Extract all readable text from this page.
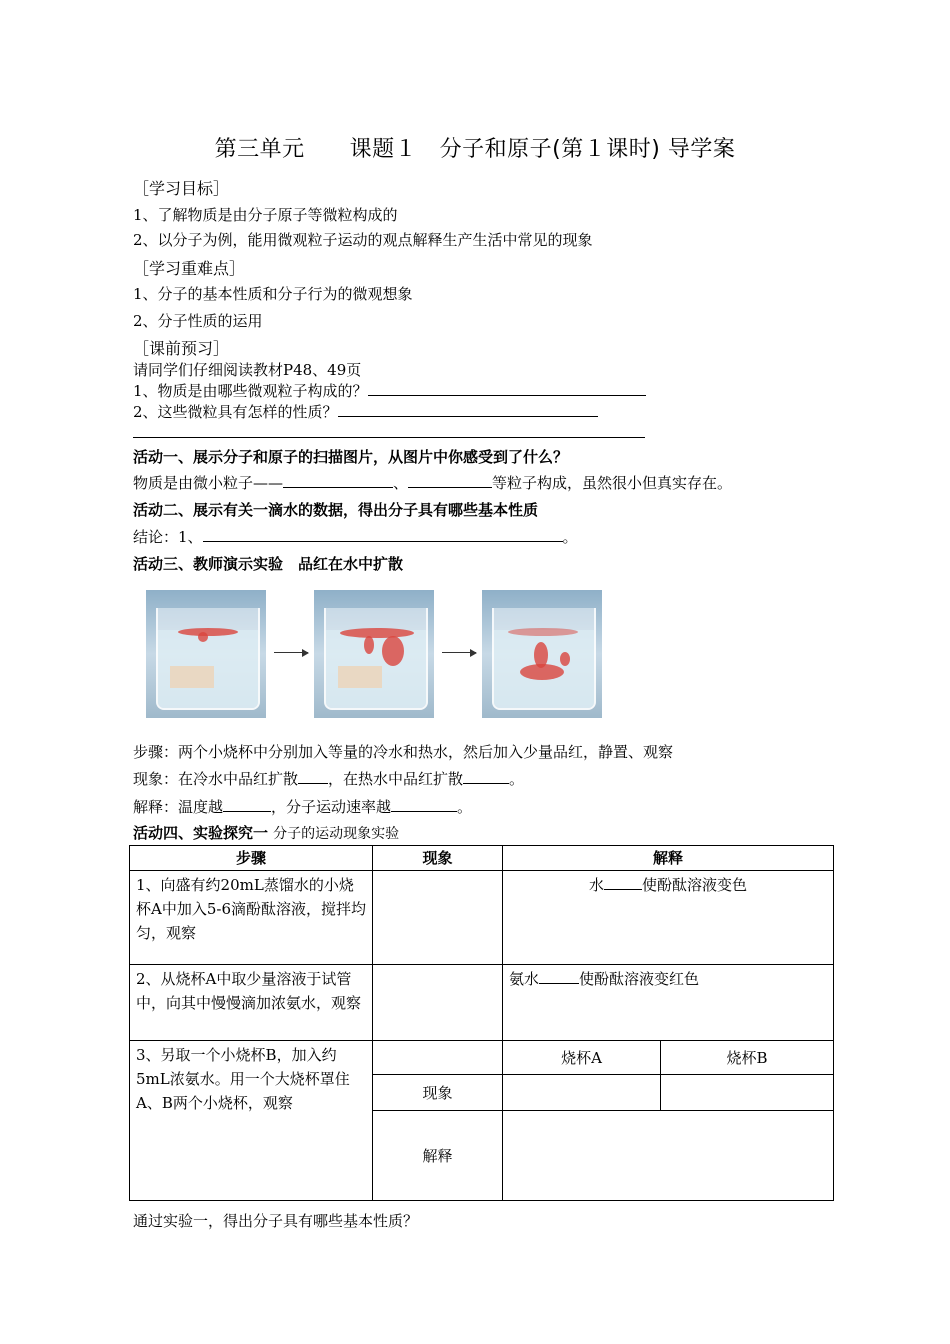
第三单元　　课题１　分子和原子(第１课时) 导学案
［学习目标］
1、了解物质是由分子原子等微粒构成的
2、以分子为例，能用微观粒子运动的观点解释生产生活中常见的现象
［学习重难点］
1、分子的基本性质和分子行为的微观想象
2、分子性质的运用
［课前预习］
请同学们仔细阅读教材P48、49页
1、物质是由哪些微观粒子构成的？
2、这些微粒具有怎样的性质？
活动一、展示分子和原子的扫描图片，从图片中你感受到了什么？
物质是由微小粒子——	、	等粒子构成，虽然很小但真实存在。
活动二、展示有关一滴水的数据，得出分子具有哪些基本性质
结论：1、	。
活动三、教师演示实验　品红在水中扩散
步骤：两个小烧杯中分别加入等量的冷水和热水，然后加入少量品红，静置、观察
现象：在冷水中品红扩散 ，在热水中品红扩散	。
解释：温度越	，分子运动速率越	。
活动四、实验探究一 分子的运动现象实验
步骤	现象	解释	
1、向盛有约20mL蒸馏水的小烧杯A中加入5-6滴酚酞溶液，搅拌均匀，观察		水 使酚酞溶液变色	
2、从烧杯A中取少量溶液于试管中，向其中慢慢滴加浓氨水，观察		氨水 使酚酞溶液变红色	
3、另取一个小烧杯B，加入约5mL浓氨水。用一个大烧杯罩住A、B两个小烧杯，观察		烧杯A	烧杯B
	现象		
	解释		
通过实验一，得出分子具有哪些基本性质？
